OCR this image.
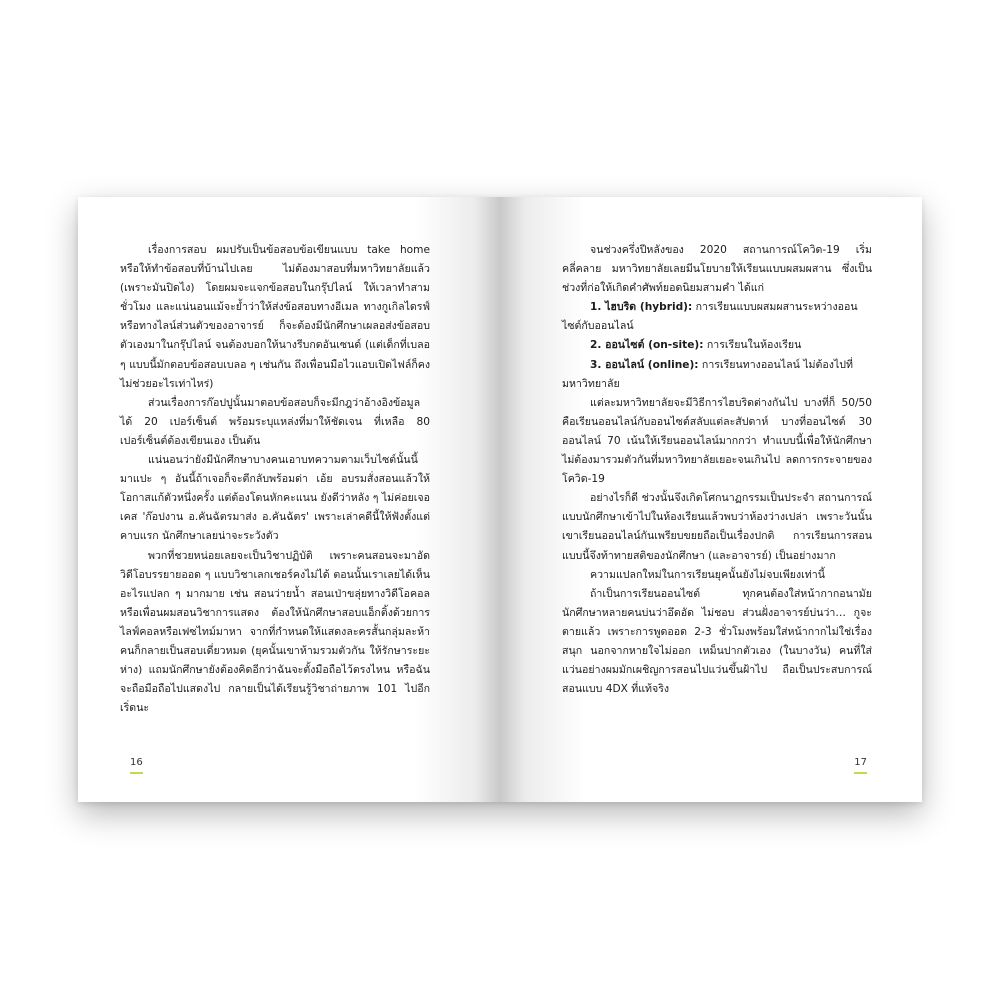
เรื่องการสอบ ผมปรับเป็นข้อสอบข้อเขียนแบบ take home หรือให้ทำข้อสอบที่บ้านไปเลย ไม่ต้องมาสอบที่มหาวิทยาลัยแล้ว (เพราะมันปิดไง) โดยผมจะแจกข้อสอบในกรุ๊ปไลน์ ให้เวลาทำสามชั่วโมง และแน่นอนแม้จะย้ำว่าให้ส่งข้อสอบทางอีเมล ทางกูเกิลไดรฟ์ หรือทางไลน์ส่วนตัวของอาจารย์ ก็จะต้องมีนักศึกษาเผลอส่งข้อสอบตัวเองมาในกรุ๊ปไลน์ จนต้องบอกให้นางรีบกดอันเซนด์ (แต่เด็กที่เบลอ ๆ แบบนี้มักตอบข้อสอบเบลอ ๆ เช่นกัน ถึงเพื่อนมือไวแอบเปิดไฟล์ก็คงไม่ช่วยอะไรเท่าไหร่)

ส่วนเรื่องการก๊อปปูนั้นมาตอบข้อสอบก็จะมีกฎว่าอ้างอิงข้อมูลได้ 20 เปอร์เซ็นต์ พร้อมระบุแหล่งที่มาให้ชัดเจน ที่เหลือ 80 เปอร์เซ็นต์ต้องเขียนเอง เป็นต้น

แน่นอนว่ายังมีนักศึกษาบางคนเอาบทความตามเว็บไซต์นั้นนี้มาแปะ ๆ อันนี้ถ้าเจอก็จะตีกลับพร้อมด่า เอ้ย อบรมสั่งสอนแล้วให้โอกาสแก้ตัวหนึ่งครั้ง แต่ต้องโดนหักคะแนน ยังดีว่าหลัง ๆ ไม่ค่อยเจอเคส 'ก๊อปงาน อ.คันฉัตรมาส่ง อ.คันฉัตร' เพราะเล่าคดีนี้ให้ฟังตั้งแต่คาบแรก นักศึกษาเลยน่าจะระวังตัว

พวกที่ชวยหน่อยเลยจะเป็นวิชาปฏิบัติ เพราะคนสอนจะมาอัดวิดีโอบรรยายออด ๆ แบบวิชาเลกเชอร์คงไม่ได้ ตอนนั้นเราเลยได้เห็นอะไรแปลก ๆ มากมาย เช่น สอนว่ายน้ำ สอนเป่าขลุ่ยทางวิดีโอคอล หรือเพื่อนผมสอนวิชาการแสดง ต้องให้นักศึกษาสอบแอ็กติ้งด้วยการไลฟ์คอลหรือเฟซไทม์มาหา จากที่กำหนดให้แสดงละครสั้นกลุ่มละห้าคนก็กลายเป็นสอบเดี่ยวหมด (ยุคนั้นเขาห้ามรวมตัวกัน ให้รักษาระยะห่าง) แถมนักศึกษายังต้องคิดอีกว่าฉันจะตั้งมือถือไว้ตรงไหน หรือฉันจะถือมือถือไปแสดงไป กลายเป็นได้เรียนรู้วิชาถ่ายภาพ 101 ไปอีก เริ่ดนะ

16

จนช่วงครึ่งปีหลังของ 2020 สถานการณ์โควิด-19 เริ่มคลี่คลาย มหาวิทยาลัยเลยมีนโยบายให้เรียนแบบผสมผสาน ซึ่งเป็นช่วงที่ก่อให้เกิดคำศัพท์ยอดนิยมสามคำ ได้แก่

1. ไฮบริด (hybrid): การเรียนแบบผสมผสานระหว่างออนไซต์กับออนไลน์

2. ออนไซต์ (on-site): การเรียนในห้องเรียน

3. ออนไลน์ (online): การเรียนทางออนไลน์ ไม่ต้องไปที่มหาวิทยาลัย

แต่ละมหาวิทยาลัยจะมีวิธีการไฮบริดต่างกันไป บางที่ก็ 50/50 คือเรียนออนไลน์กับออนไซต์สลับแต่ละสัปดาห์ บางที่ออนไซต์ 30 ออนไลน์ 70 เน้นให้เรียนออนไลน์มากกว่า ทำแบบนี้เพื่อให้นักศึกษาไม่ต้องมารวมตัวกันที่มหาวิทยาลัยเยอะจนเกินไป ลดการกระจายของโควิด-19

อย่างไรก็ดี ช่วงนั้นจึงเกิดโศกนาฏกรรมเป็นประจำ สถานการณ์แบบนักศึกษาเข้าไปในห้องเรียนแล้วพบว่าห้องว่างเปล่า เพราะวันนั้นเขาเรียนออนไลน์กันเพรียบขยยถือเป็นเรื่องปกติ การเรียนการสอนแบบนี้จึงท้าทายสติของนักศึกษา (และอาจารย์) เป็นอย่างมาก

ความแปลกใหม่ในการเรียนยุคนั้นยังไม่จบเพียงเท่านี้

ถ้าเป็นการเรียนออนไซต์ ทุกคนต้องใส่หน้ากากอนามัย นักศึกษาหลายคนบ่นว่าอึดอัด ไม่ชอบ ส่วนฝั่งอาจารย์บ่นว่า… กูจะตายแล้ว เพราะการพูดออด 2-3 ชั่วโมงพร้อมใส่หน้ากากไม่ใช่เรื่องสนุก นอกจากหายใจไม่ออก เหม็นปากตัวเอง (ในบางวัน) คนที่ใส่แว่นอย่างผมมักเผชิญการสอนไปแว่นขึ้นฝ้าไป ถือเป็นประสบการณ์สอนแบบ 4DX ที่แท้จริง

17
